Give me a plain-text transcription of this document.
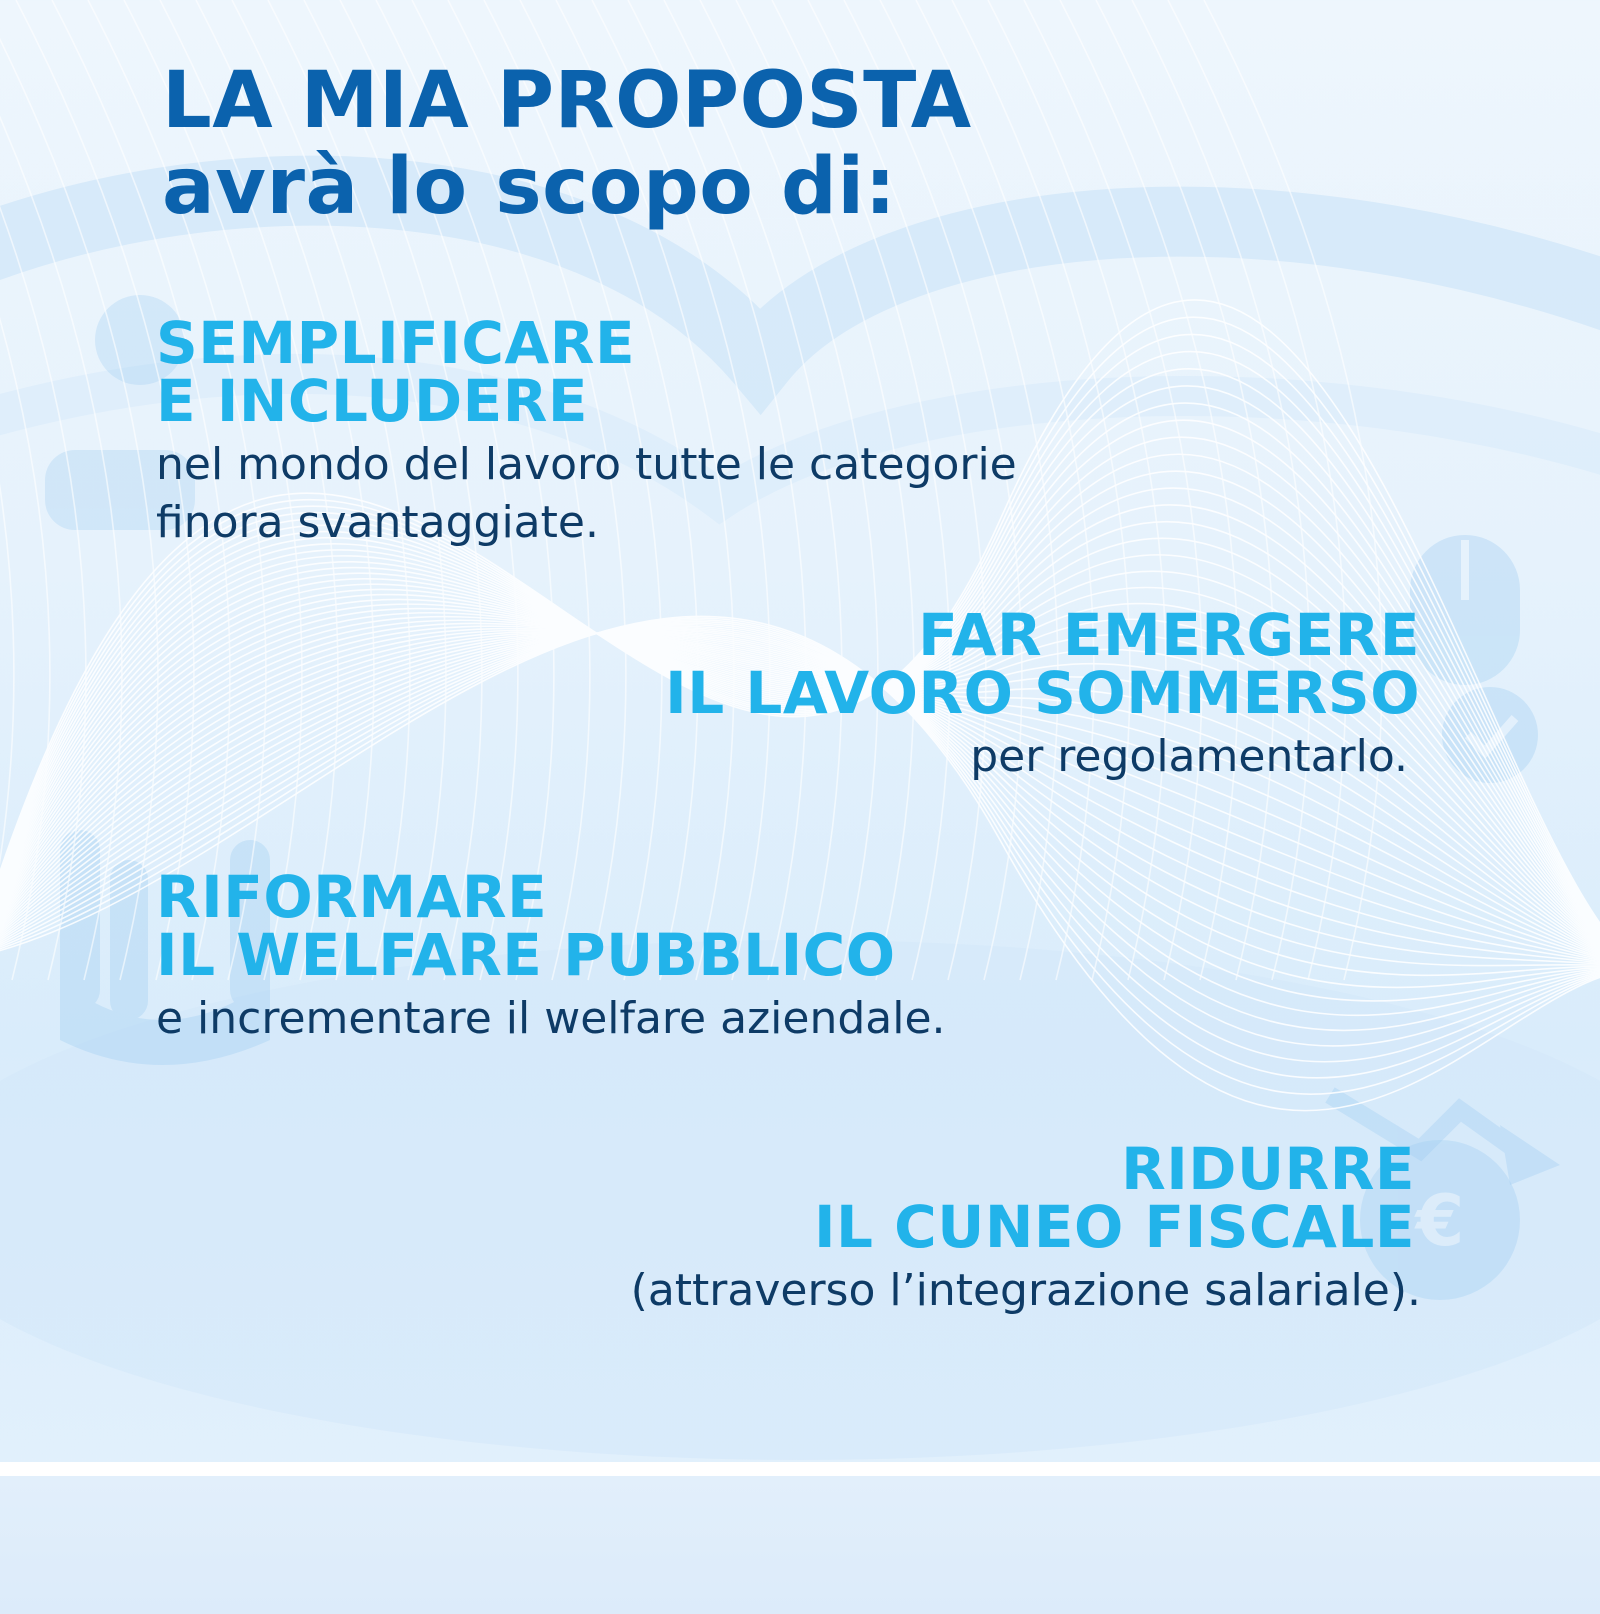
€
LA MIA PROPOSTA
avrà lo scopo di:
SEMPLIFICARE
E INCLUDERE
nel mondo del lavoro tutte le categorie
finora svantaggiate.
FAR EMERGERE
IL LAVORO SOMMERSO
per regolamentarlo.
RIFORMARE
IL WELFARE PUBBLICO
e incrementare il welfare aziendale.
RIDURRE
IL CUNEO FISCALE
(attraverso l’integrazione salariale).
